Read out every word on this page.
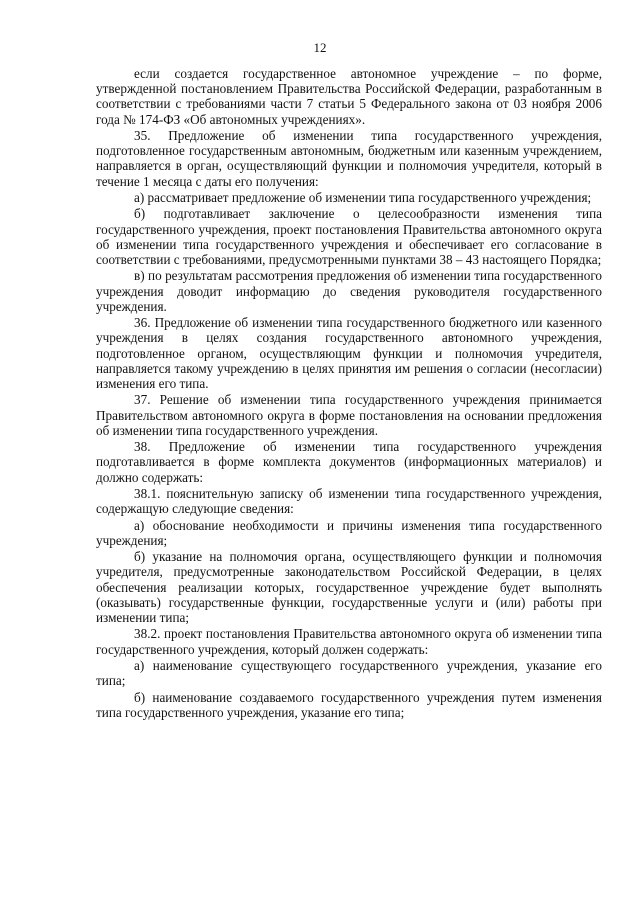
12

если создается государственное автономное учреждение – по форме, утвержденной постановлением Правительства Российской Федерации, разработанным в соответствии с требованиями части 7 статьи 5 Федерального закона от 03 ноября 2006 года № 174-ФЗ «Об автономных учреждениях».

35. Предложение об изменении типа государственного учреждения, подготовленное государственным автономным, бюджетным или казенным учреждением, направляется в орган, осуществляющий функции и полномочия учредителя, который в течение 1 месяца с даты его получения:

а) рассматривает предложение об изменении типа государственного учреждения;

б) подготавливает заключение о целесообразности изменения типа государственного учреждения, проект постановления Правительства автономного округа об изменении типа государственного учреждения и обеспечивает его согласование в соответствии с требованиями, предусмотренными пунктами 38 – 43 настоящего Порядка;

в) по результатам рассмотрения предложения об изменении типа государственного учреждения доводит информацию до сведения руководителя государственного учреждения.

36. Предложение об изменении типа государственного бюджетного или казенного учреждения в целях создания государственного автономного учреждения, подготовленное органом, осуществляющим функции и полномочия учредителя, направляется такому учреждению в целях принятия им решения о согласии (несогласии) изменения его типа.

37. Решение об изменении типа государственного учреждения принимается Правительством автономного округа в форме постановления на основании предложения об изменении типа государственного учреждения.

38. Предложение об изменении типа государственного учреждения подготавливается в форме комплекта документов (информационных материалов) и должно содержать:

38.1. пояснительную записку об изменении типа государственного учреждения, содержащую следующие сведения:

а) обоснование необходимости и причины изменения типа государственного учреждения;

б) указание на полномочия органа, осуществляющего функции и полномочия учредителя, предусмотренные законодательством Российской Федерации, в целях обеспечения реализации которых, государственное учреждение будет выполнять (оказывать) государственные функции, государственные услуги и (или) работы при изменении типа;

38.2. проект постановления Правительства автономного округа об изменении типа государственного учреждения, который должен содержать:

а) наименование существующего государственного учреждения, указание его типа;

б) наименование создаваемого государственного учреждения путем изменения типа государственного учреждения, указание его типа;
